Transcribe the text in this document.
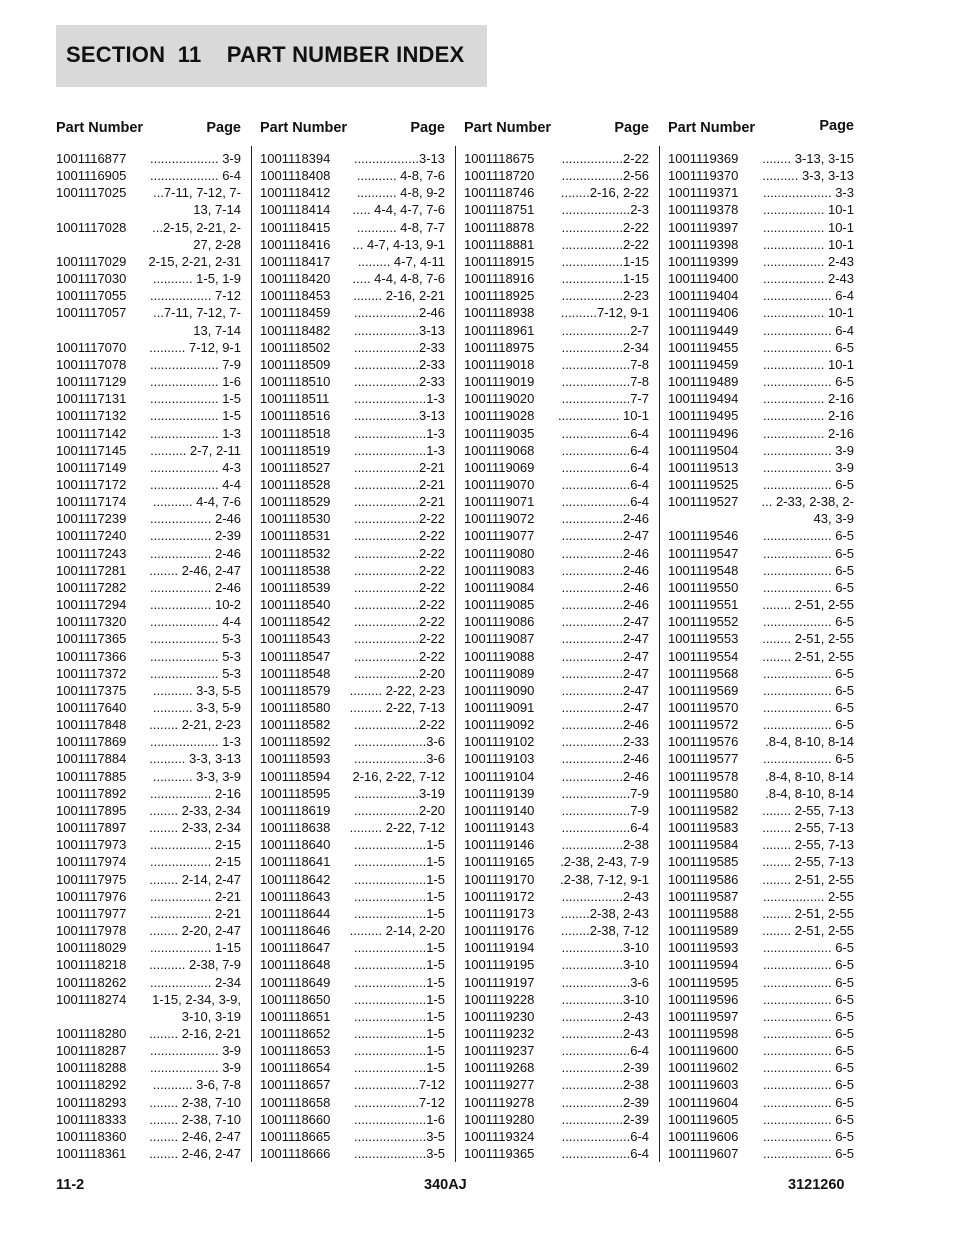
SECTION  11    PART NUMBER INDEX
Part Number	Page
1001116877	................... 3-9
1001116905	................... 6-4
1001117025	...7-11, 7-12, 7- 13, 7-14
1001117028	...2-15, 2-21, 2- 27, 2-28
1001117029	2-15, 2-21, 2-31
1001117030	........... 1-5, 1-9
1001117055	................. 7-12
1001117057	...7-11, 7-12, 7- 13, 7-14
1001117070	.......... 7-12, 9-1
1001117078	................... 7-9
1001117129	................... 1-6
1001117131	................... 1-5
1001117132	................... 1-5
1001117142	................... 1-3
1001117145	.......... 2-7, 2-11
1001117149	................... 4-3
1001117172	................... 4-4
1001117174	........... 4-4, 7-6
1001117239	................. 2-46
1001117240	................. 2-39
1001117243	................. 2-46
1001117281	........ 2-46, 2-47
1001117282	................. 2-46
1001117294	................. 10-2
1001117320	................... 4-4
1001117365	................... 5-3
1001117366	................... 5-3
1001117372	................... 5-3
1001117375	........... 3-3, 5-5
1001117640	........... 3-3, 5-9
1001117848	........ 2-21, 2-23
1001117869	................... 1-3
1001117884	.......... 3-3, 3-13
1001117885	........... 3-3, 3-9
1001117892	................. 2-16
1001117895	........ 2-33, 2-34
1001117897	........ 2-33, 2-34
1001117973	................. 2-15
1001117974	................. 2-15
1001117975	........ 2-14, 2-47
1001117976	................. 2-21
1001117977	................. 2-21
1001117978	........ 2-20, 2-47
1001118029	................. 1-15
1001118218	.......... 2-38, 7-9
1001118262	................. 2-34
1001118274	1-15, 2-34, 3-9, 3-10, 3-19
1001118280	........ 2-16, 2-21
1001118287	................... 3-9
1001118288	................... 3-9
1001118292	........... 3-6, 7-8
1001118293	........ 2-38, 7-10
1001118333	........ 2-38, 7-10
1001118360	........ 2-46, 2-47
1001118361	........ 2-46, 2-47
Part Number	Page
1001118394	..................3-13
1001118408	........... 4-8, 7-6
1001118412	........... 4-8, 9-2
1001118414	..... 4-4, 4-7, 7-6
1001118415	........... 4-8, 7-7
1001118416	... 4-7, 4-13, 9-1
1001118417	......... 4-7, 4-11
1001118420	..... 4-4, 4-8, 7-6
1001118453	........ 2-16, 2-21
1001118459	..................2-46
1001118482	..................3-13
1001118502	..................2-33
1001118509	..................2-33
1001118510	..................2-33
1001118511	....................1-3
1001118516	..................3-13
1001118518	....................1-3
1001118519	....................1-3
1001118527	..................2-21
1001118528	..................2-21
1001118529	..................2-21
1001118530	..................2-22
1001118531	..................2-22
1001118532	..................2-22
1001118538	..................2-22
1001118539	..................2-22
1001118540	..................2-22
1001118542	..................2-22
1001118543	..................2-22
1001118547	..................2-22
1001118548	..................2-20
1001118579 ......... 2-22, 2-23
1001118580 ......... 2-22, 7-13
1001118582	..................2-22
1001118592	....................3-6
1001118593	....................3-6
1001118594	2-16, 2-22, 7-12
1001118595	..................3-19
1001118619	..................2-20
1001118638 ......... 2-22, 7-12
1001118640	....................1-5
1001118641	....................1-5
1001118642	....................1-5
1001118643	....................1-5
1001118644	....................1-5
1001118646 ......... 2-14, 2-20
1001118647	....................1-5
1001118648	....................1-5
1001118649	....................1-5
1001118650	....................1-5
1001118651	....................1-5
1001118652	....................1-5
1001118653	....................1-5
1001118654	....................1-5
1001118657	..................7-12
1001118658	..................7-12
1001118660	....................1-6
1001118665	....................3-5
1001118666	....................3-5
Part Number	Page
1001118675	.................2-22
1001118720	.................2-56
1001118746	........2-16, 2-22
1001118751	...................2-3
1001118878	.................2-22
1001118881	.................2-22
1001118915	.................1-15
1001118916	.................1-15
1001118925	.................2-23
1001118938	..........7-12, 9-1
1001118961	...................2-7
1001118975	.................2-34
1001119018	...................7-8
1001119019	...................7-8
1001119020	...................7-7
1001119028	................. 10-1
1001119035	...................6-4
1001119068	...................6-4
1001119069	...................6-4
1001119070	...................6-4
1001119071	...................6-4
1001119072	.................2-46
1001119077	.................2-47
1001119080	.................2-46
1001119083	.................2-46
1001119084	.................2-46
1001119085	.................2-46
1001119086	.................2-47
1001119087	.................2-47
1001119088	.................2-47
1001119089	.................2-47
1001119090	.................2-47
1001119091	.................2-47
1001119092	.................2-46
1001119102	.................2-33
1001119103	.................2-46
1001119104	.................2-46
1001119139	...................7-9
1001119140	...................7-9
1001119143	...................6-4
1001119146	.................2-38
1001119165	.2-38, 2-43, 7-9
1001119170	.2-38, 7-12, 9-1
1001119172	.................2-43
1001119173	........2-38, 2-43
1001119176	........2-38, 7-12
1001119194	.................3-10
1001119195	.................3-10
1001119197	...................3-6
1001119228	.................3-10
1001119230	.................2-43
1001119232	.................2-43
1001119237	...................6-4
1001119268	.................2-39
1001119277	.................2-38
1001119278	.................2-39
1001119280	.................2-39
1001119324	...................6-4
1001119365	...................6-4
Part Number	Page
1001119369	........ 3-13, 3-15
1001119370	.......... 3-3, 3-13
1001119371	................... 3-3
1001119378	................. 10-1
1001119397	................. 10-1
1001119398	................. 10-1
1001119399	................. 2-43
1001119400	................. 2-43
1001119404	................... 6-4
1001119406	................. 10-1
1001119449	................... 6-4
1001119455	................... 6-5
1001119459	................. 10-1
1001119489	................... 6-5
1001119494	................. 2-16
1001119495	................. 2-16
1001119496	................. 2-16
1001119504	................... 3-9
1001119513	................... 3-9
1001119525	................... 6-5
1001119527	... 2-33, 2-38, 2- 43, 3-9
1001119546	................... 6-5
1001119547	................... 6-5
1001119548	................... 6-5
1001119550	................... 6-5
1001119551	........ 2-51, 2-55
1001119552	................... 6-5
1001119553	........ 2-51, 2-55
1001119554	........ 2-51, 2-55
1001119568	................... 6-5
1001119569	................... 6-5
1001119570	................... 6-5
1001119572	................... 6-5
1001119576	.8-4, 8-10, 8-14
1001119577	................... 6-5
1001119578	.8-4, 8-10, 8-14
1001119580	.8-4, 8-10, 8-14
1001119582	........ 2-55, 7-13
1001119583	........ 2-55, 7-13
1001119584	........ 2-55, 7-13
1001119585	........ 2-55, 7-13
1001119586	........ 2-51, 2-55
1001119587	................. 2-55
1001119588	........ 2-51, 2-55
1001119589	........ 2-51, 2-55
1001119593	................... 6-5
1001119594	................... 6-5
1001119595	................... 6-5
1001119596	................... 6-5
1001119597	................... 6-5
1001119598	................... 6-5
1001119600	................... 6-5
1001119602	................... 6-5
1001119603	................... 6-5
1001119604	................... 6-5
1001119605	................... 6-5
1001119606	................... 6-5
1001119607	................... 6-5
11-2	340AJ	3121260
